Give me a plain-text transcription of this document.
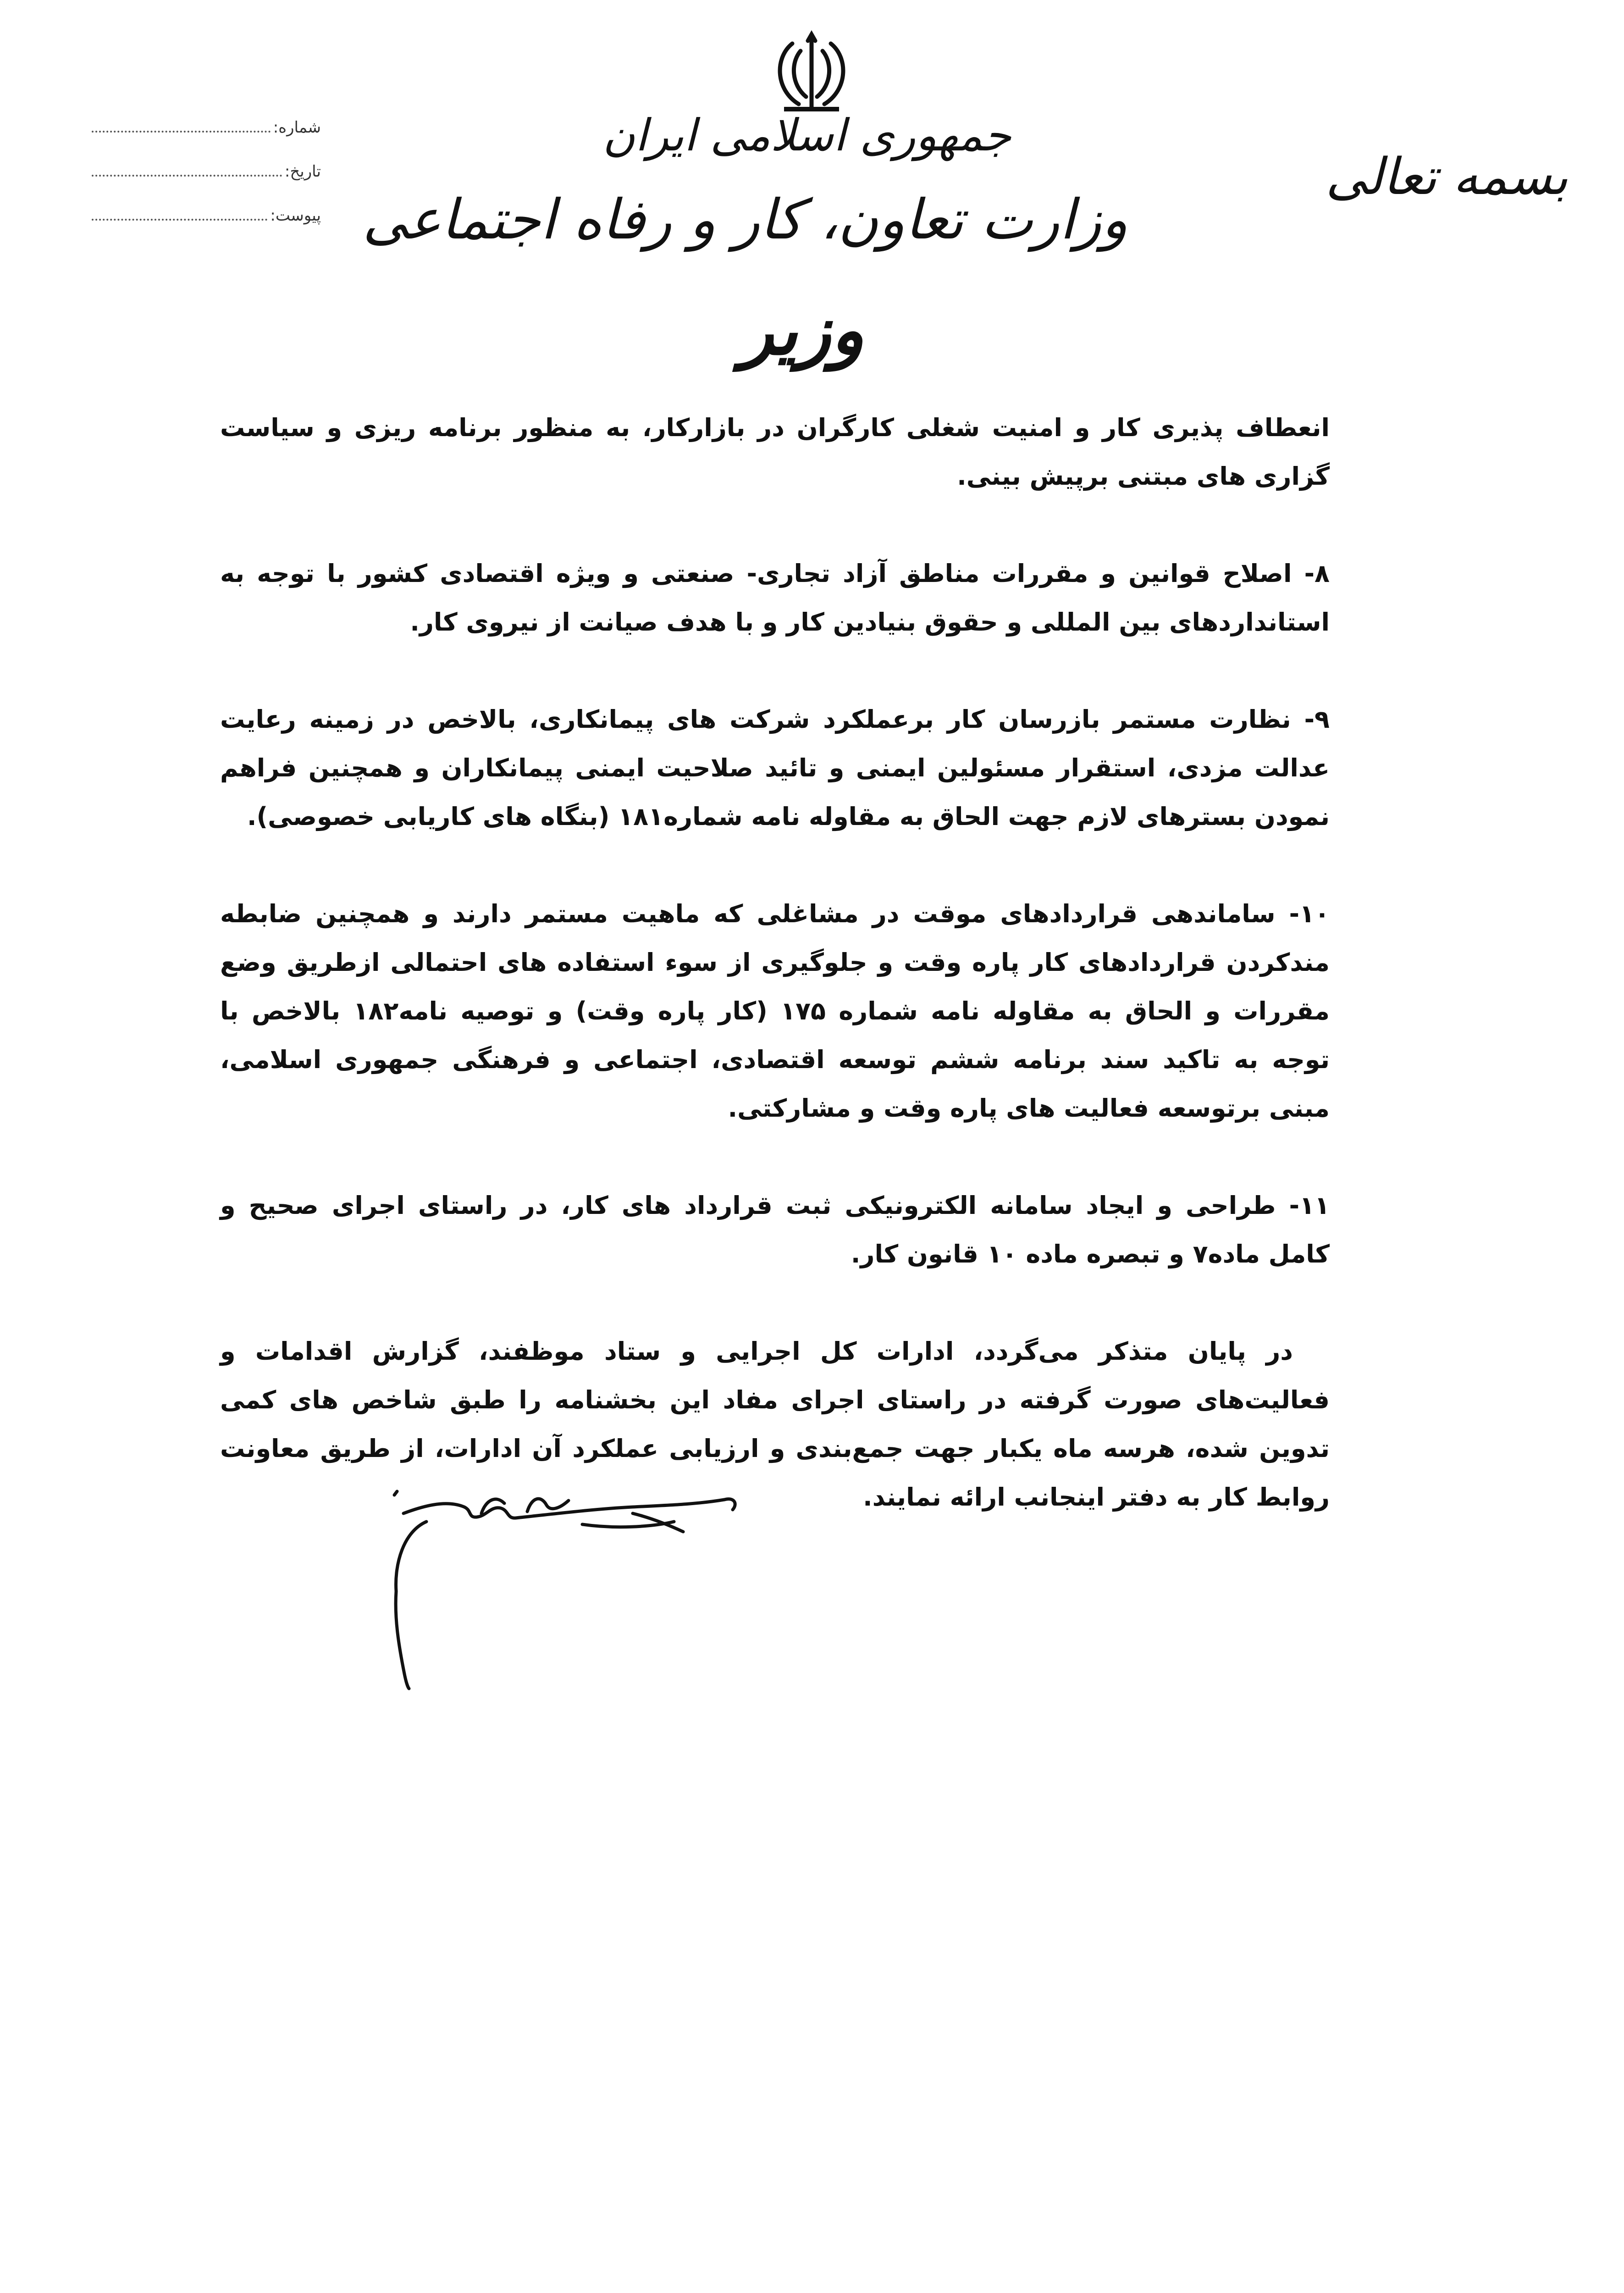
جمهوری اسلامی ایران
وزارت تعاون، کار و رفاه اجتماعی
وزیر
بسمه تعالی
شماره:
تاریخ:
پیوست:

انعطاف پذیری کار و امنیت شغلی کارگران در بازارکار، به منظور برنامه ریزی و سیاست گزاری های مبتنی برپیش بینی.

۸- اصلاح قوانین و مقررات مناطق آزاد تجاری- صنعتی و ویژه اقتصادی کشور با توجه به استانداردهای بین المللی و حقوق بنیادین کار و با هدف صیانت از نیروی کار.

۹- نظارت مستمر بازرسان کار برعملکرد شرکت های پیمانکاری، بالاخص در زمینه رعایت عدالت مزدی، استقرار مسئولین ایمنی و تائید صلاحیت ایمنی پیمانکاران و همچنین فراهم نمودن بسترهای لازم جهت الحاق به مقاوله نامه شماره۱۸۱ (بنگاه های کاریابی خصوصی).

۱۰- ساماندهی قراردادهای موقت در مشاغلی که ماهیت مستمر دارند و همچنین ضابطه مندکردن قراردادهای کار پاره وقت و جلوگیری از سوء استفاده های احتمالی ازطریق وضع مقررات و الحاق به مقاوله نامه شماره ۱۷۵ (کار پاره وقت) و توصیه نامه۱۸۲ بالاخص با توجه به تاکید سند برنامه ششم توسعه اقتصادی، اجتماعی و فرهنگی جمهوری اسلامی، مبنی برتوسعه فعالیت های پاره وقت و مشارکتی.

۱۱- طراحی و ایجاد سامانه الکترونیکی ثبت قرارداد های کار، در راستای اجرای صحیح و کامل ماده۷ و تبصره ماده ۱۰ قانون کار.

در پایان متذکر می‌گردد، ادارات کل اجرایی و ستاد موظفند، گزارش اقدامات و فعالیت‌های صورت گرفته در راستای اجرای مفاد این بخشنامه را طبق شاخص های کمی تدوین شده، هرسه ماه یکبار جهت جمع‌بندی و ارزیابی عملکرد آن ادارات، از طریق معاونت روابط کار به دفتر اینجانب ارائه نمایند.
